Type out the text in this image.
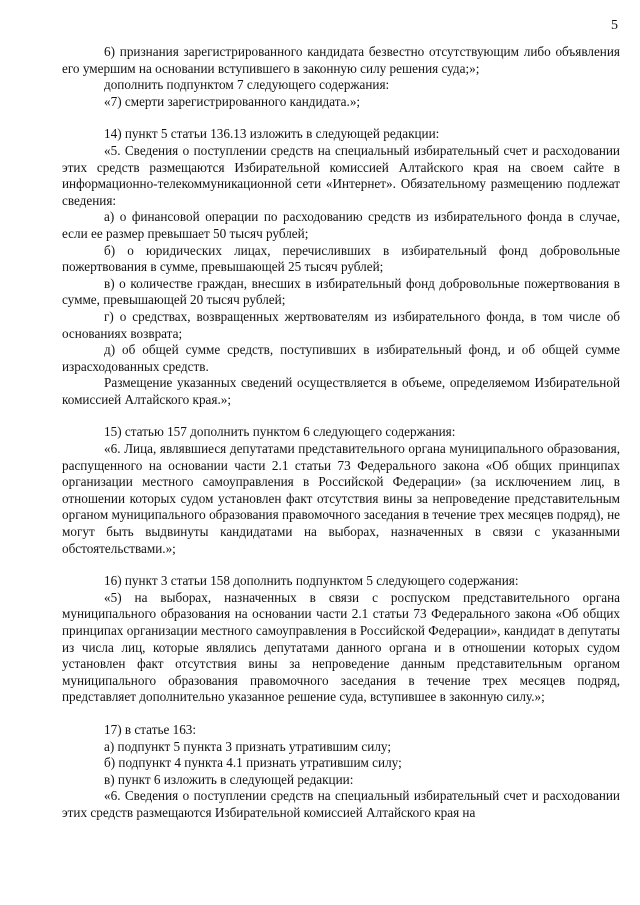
5

6) признания зарегистрированного кандидата безвестно отсутствующим либо объявления его умершим на основании вступившего в законную силу решения суда;»;

дополнить подпунктом 7 следующего содержания:

«7) смерти зарегистрированного кандидата.»;

14) пункт 5 статьи 136.13 изложить в следующей редакции:

«5. Сведения о поступлении средств на специальный избирательный счет и расходовании этих средств размещаются Избирательной комиссией Алтайского края на своем сайте в информационно-телекоммуникационной сети «Интернет». Обязательному размещению подлежат сведения:

а) о финансовой операции по расходованию средств из избирательного фонда в случае, если ее размер превышает 50 тысяч рублей;

б) о юридических лицах, перечисливших в избирательный фонд добровольные пожертвования в сумме, превышающей 25 тысяч рублей;

в) о количестве граждан, внесших в избирательный фонд добровольные пожертвования в сумме, превышающей 20 тысяч рублей;

г) о средствах, возвращенных жертвователям из избирательного фонда, в том числе об основаниях возврата;

д) об общей сумме средств, поступивших в избирательный фонд, и об общей сумме израсходованных средств.

Размещение указанных сведений осуществляется в объеме, определяемом Избирательной комиссией Алтайского края.»;

15) статью 157 дополнить пунктом 6 следующего содержания:

«6. Лица, являвшиеся депутатами представительного органа муниципального образования, распущенного на основании части 2.1 статьи 73 Федерального закона «Об общих принципах организации местного самоуправления в Российской Федерации» (за исключением лиц, в отношении которых судом установлен факт отсутствия вины за непроведение представительным органом муниципального образования правомочного заседания в течение трех месяцев подряд), не могут быть выдвинуты кандидатами на выборах, назначенных в связи с указанными обстоятельствами.»;

16) пункт 3 статьи 158 дополнить подпунктом 5 следующего содержания:

«5) на выборах, назначенных в связи с роспуском представительного органа муниципального образования на основании части 2.1 статьи 73 Федерального закона «Об общих принципах организации местного самоуправления в Российской Федерации», кандидат в депутаты из числа лиц, которые являлись депутатами данного органа и в отношении которых судом установлен факт отсутствия вины за непроведение данным представительным органом муниципального образования правомочного заседания в течение трех месяцев подряд, представляет дополнительно указанное решение суда, вступившее в законную силу.»;

17) в статье 163:

а) подпункт 5 пункта 3 признать утратившим силу;

б) подпункт 4 пункта 4.1 признать утратившим силу;

в) пункт 6 изложить в следующей редакции:

«6. Сведения о поступлении средств на специальный избирательный счет и расходовании этих средств размещаются Избирательной комиссией Алтайского края на
